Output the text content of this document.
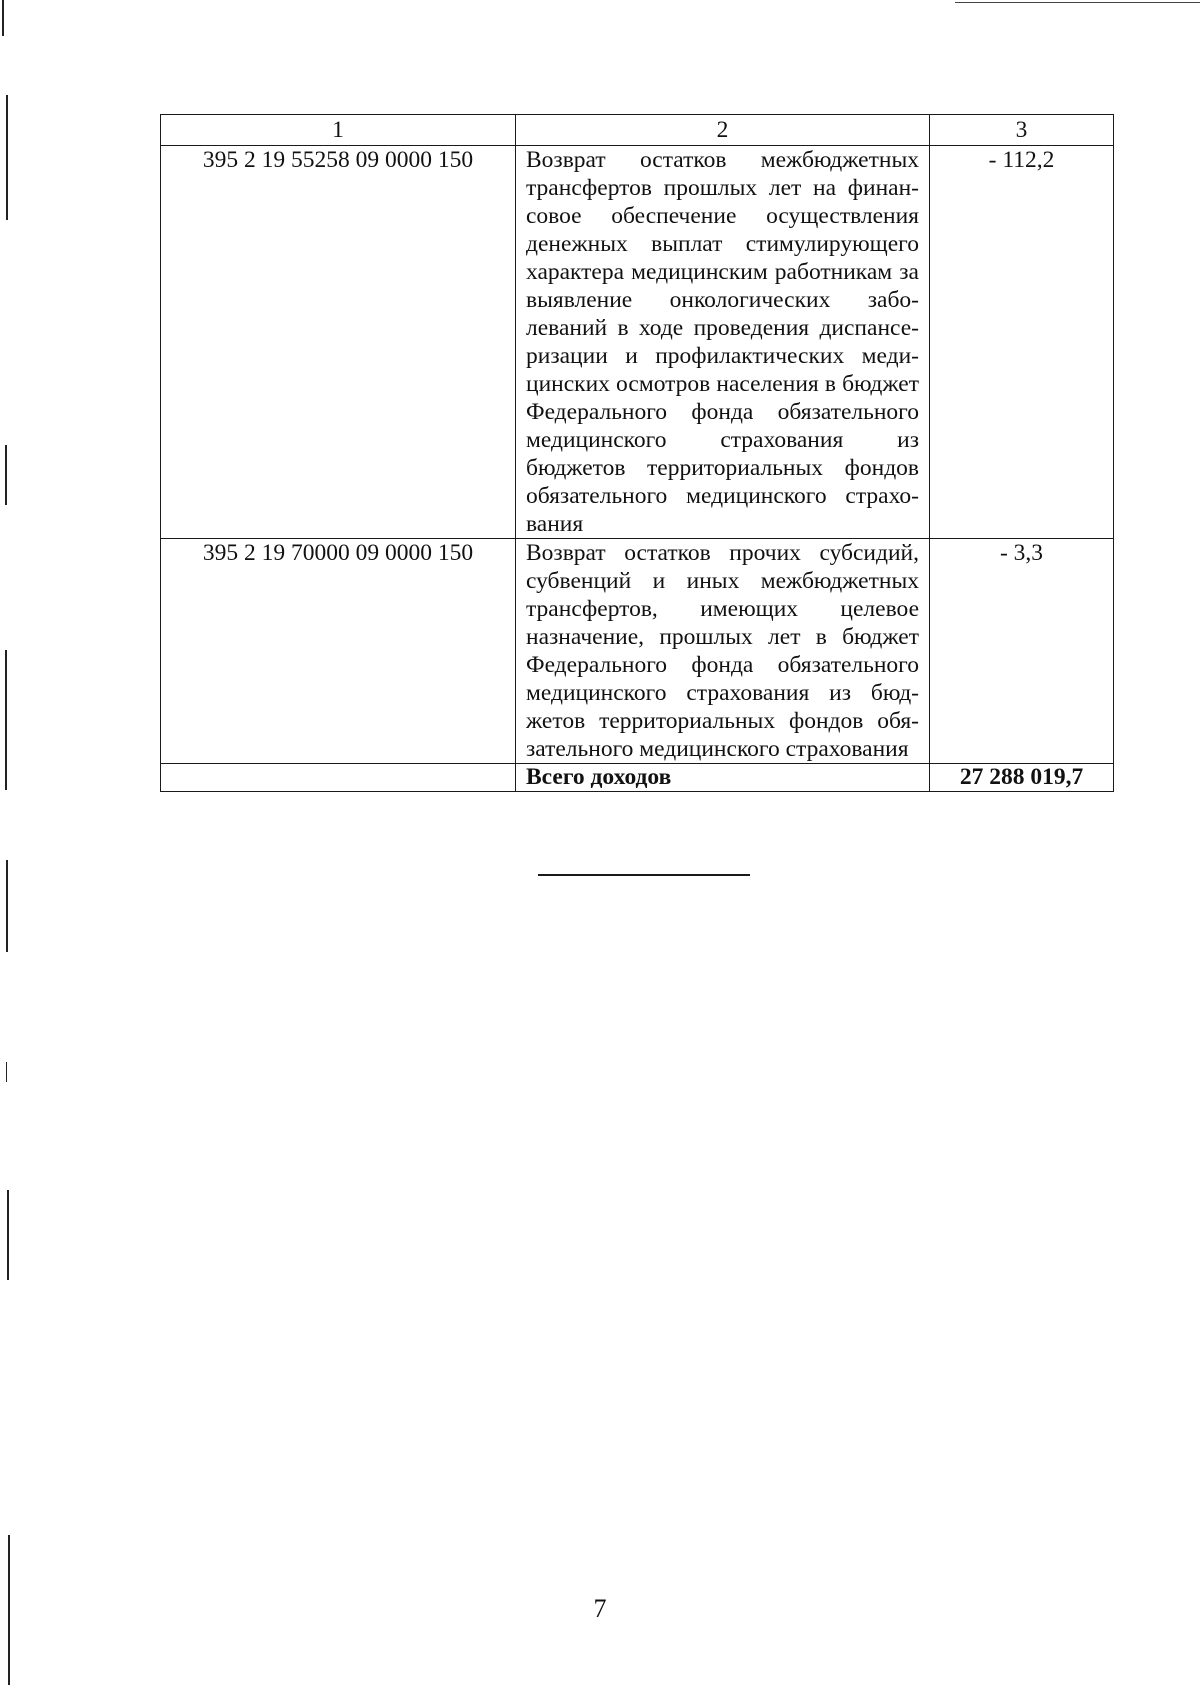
1	2	3
395 2 19 55258 09 0000 150	Возврат остатков межбюджетных трансфертов прошлых лет на финансовое обеспечение осуществления денежных выплат стимулирующего характера медицинским работникам за выявление онкологических заболеваний в ходе проведения диспансеризации и профилактических медицинских осмотров населения в бюджет Федерального фонда обязательного медицинского страхования из бюджетов территориальных фондов обязательного медицинского страхования	- 112,2
395 2 19 70000 09 0000 150	Возврат остатков прочих субсидий, субвенций и иных межбюджетных трансфертов, имеющих целевое назначение, прошлых лет в бюджет Федерального фонда обязательного медицинского страхования из бюджетов территориальных фондов обязательного медицинского страхования	- 3,3
	Всего доходов	27 288 019,7
7
